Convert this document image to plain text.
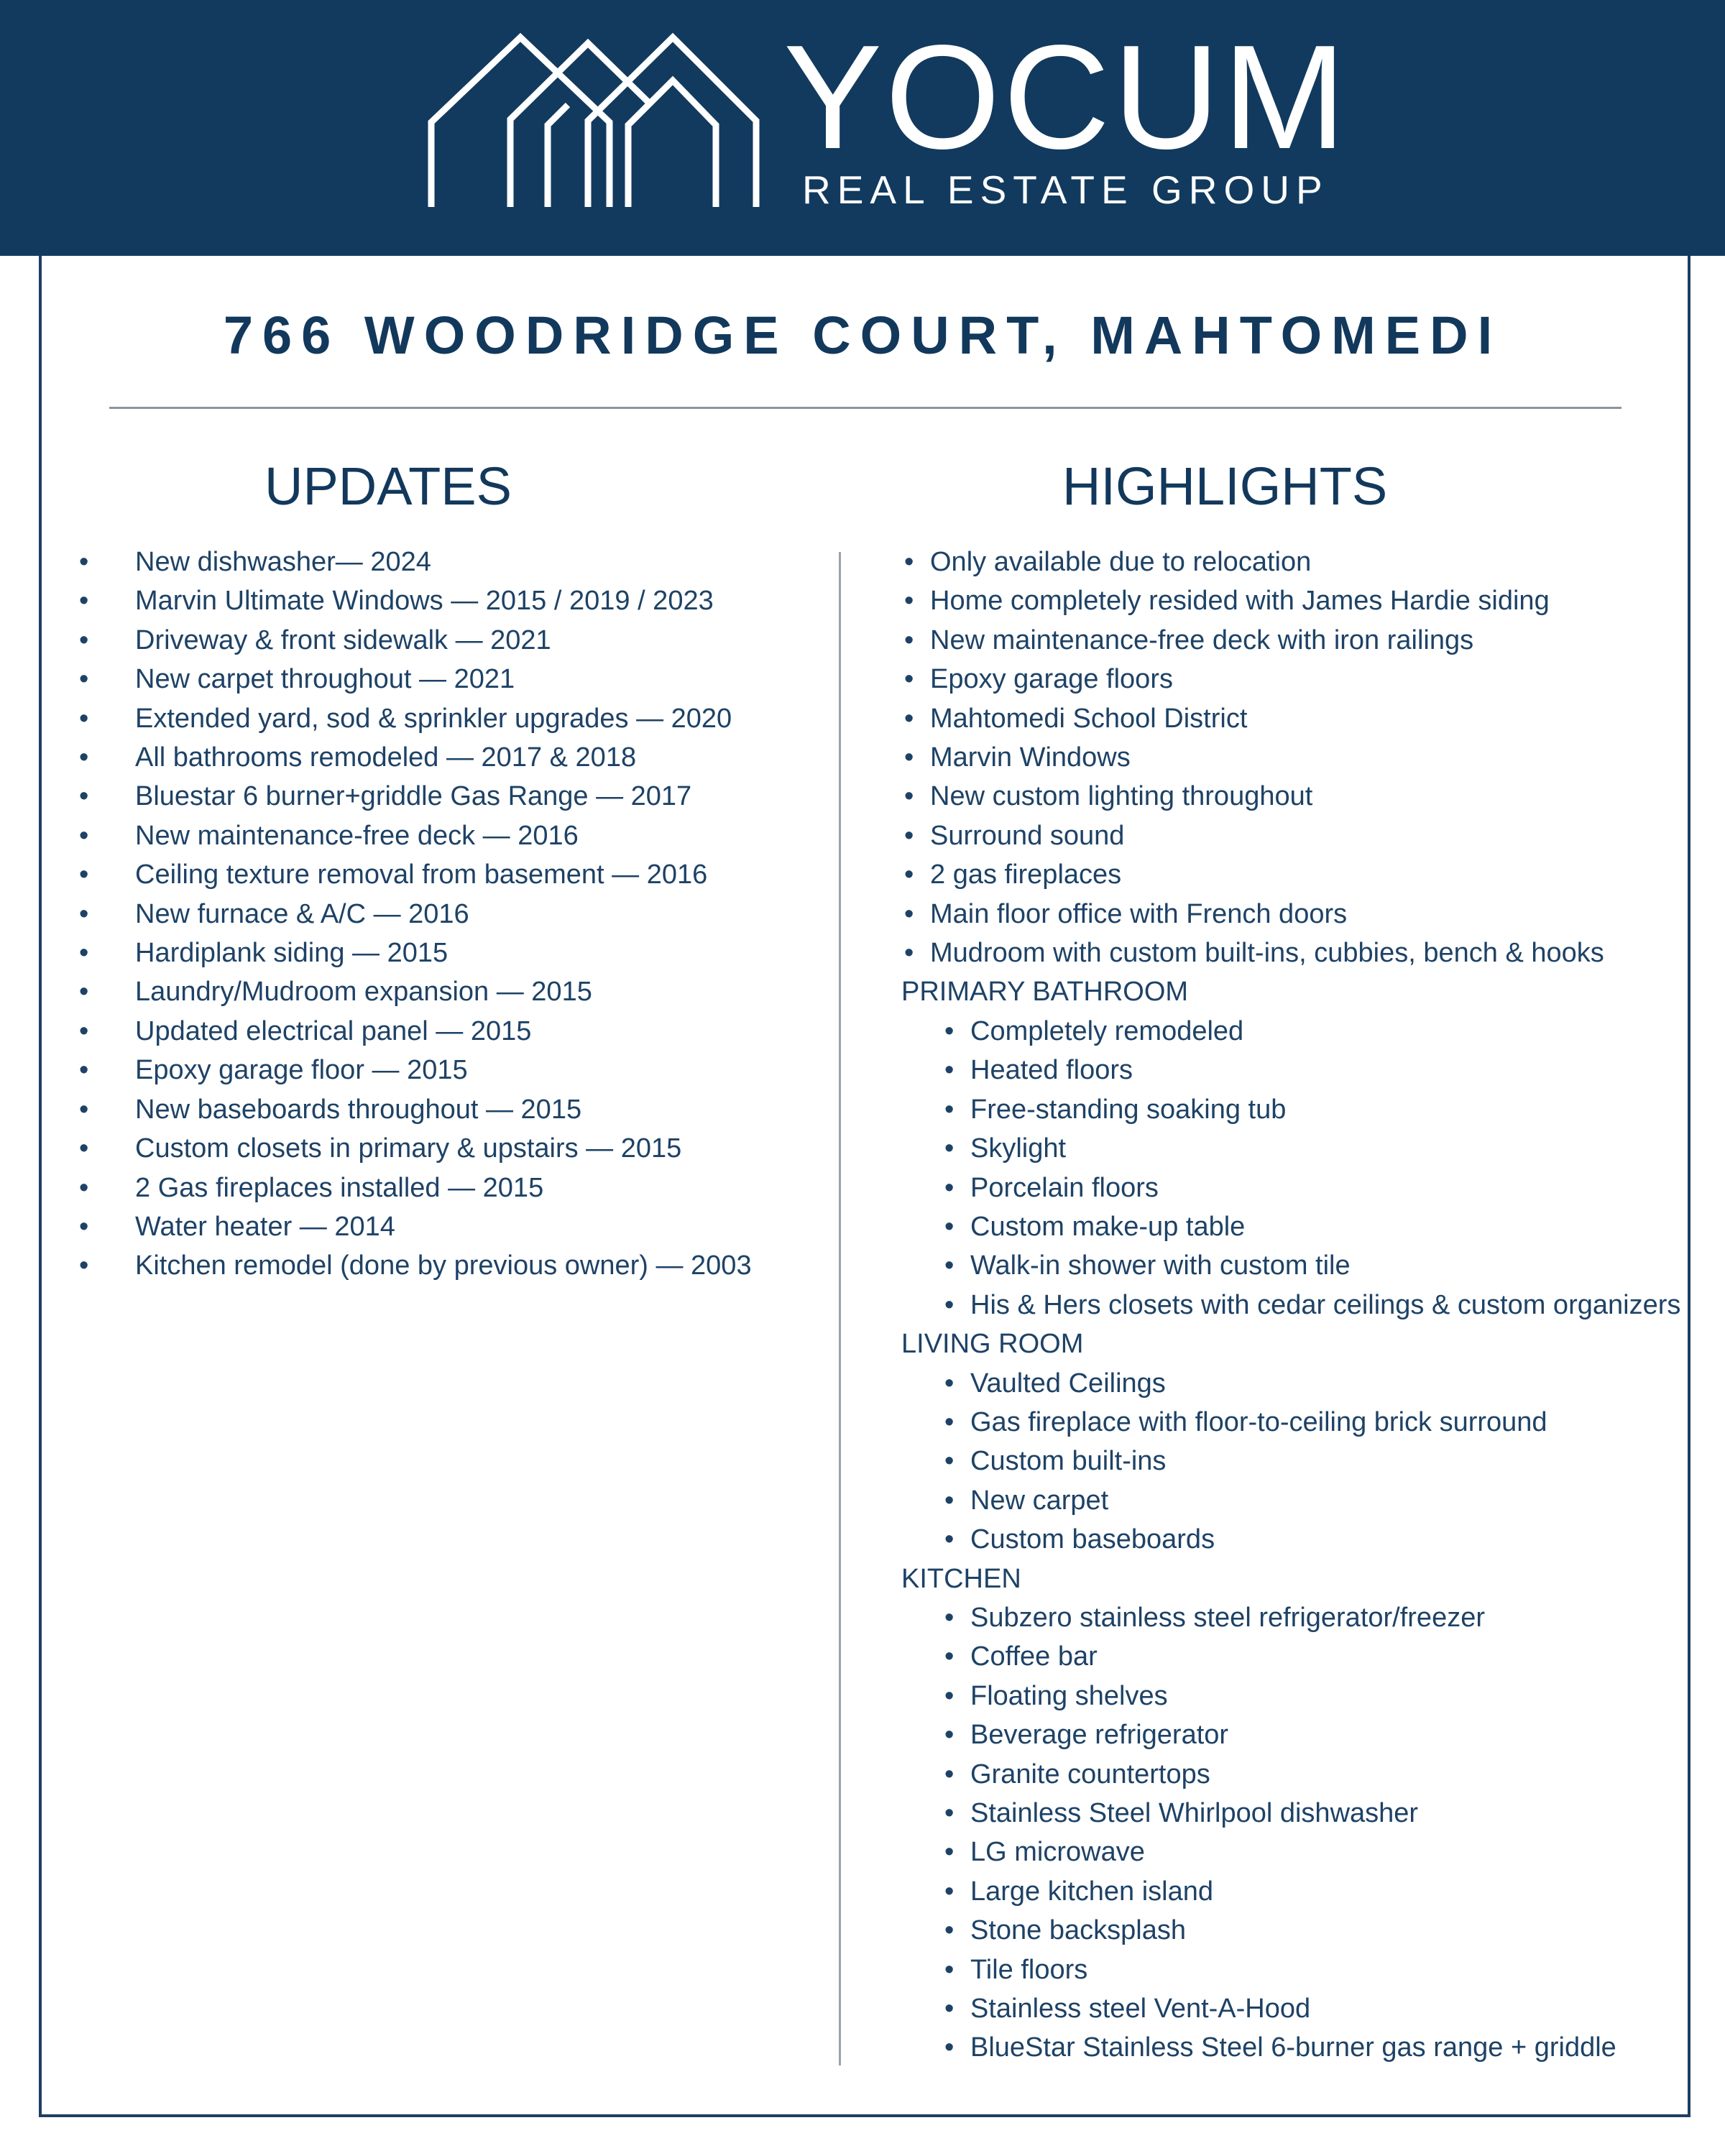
YOCUM
REAL ESTATE GROUP
766 WOODRIDGE COURT, MAHTOMEDI
UPDATES	HIGHLIGHTS
• New dishwasher— 2024
• Marvin Ultimate Windows — 2015 / 2019 / 2023
• Driveway & front sidewalk — 2021
• New carpet throughout — 2021
• Extended yard, sod & sprinkler upgrades — 2020
• All bathrooms remodeled — 2017 & 2018
• Bluestar 6 burner+griddle Gas Range — 2017
• New maintenance-free deck — 2016
• Ceiling texture removal from basement — 2016
• New furnace & A/C — 2016
• Hardiplank siding — 2015
• Laundry/Mudroom expansion — 2015
• Updated electrical panel — 2015
• Epoxy garage floor — 2015
• New baseboards throughout — 2015
• Custom closets in primary & upstairs — 2015
• 2 Gas fireplaces installed — 2015
• Water heater — 2014
• Kitchen remodel (done by previous owner) — 2003
• Only available due to relocation
• Home completely resided with James Hardie siding
• New maintenance-free deck with iron railings
• Epoxy garage floors
• Mahtomedi School District
• Marvin Windows
• New custom lighting throughout
• Surround sound
• 2 gas fireplaces
• Main floor office with French doors
• Mudroom with custom built-ins, cubbies, bench & hooks
PRIMARY BATHROOM
• Completely remodeled
• Heated floors
• Free-standing soaking tub
• Skylight
• Porcelain floors
• Custom make-up table
• Walk-in shower with custom tile
• His & Hers closets with cedar ceilings & custom organizers
LIVING ROOM
• Vaulted Ceilings
• Gas fireplace with floor-to-ceiling brick surround
• Custom built-ins
• New carpet
• Custom baseboards
KITCHEN
• Subzero stainless steel refrigerator/freezer
• Coffee bar
• Floating shelves
• Beverage refrigerator
• Granite countertops
• Stainless Steel Whirlpool dishwasher
• LG microwave
• Large kitchen island
• Stone backsplash
• Tile floors
• Stainless steel Vent-A-Hood
• BlueStar Stainless Steel 6-burner gas range + griddle
